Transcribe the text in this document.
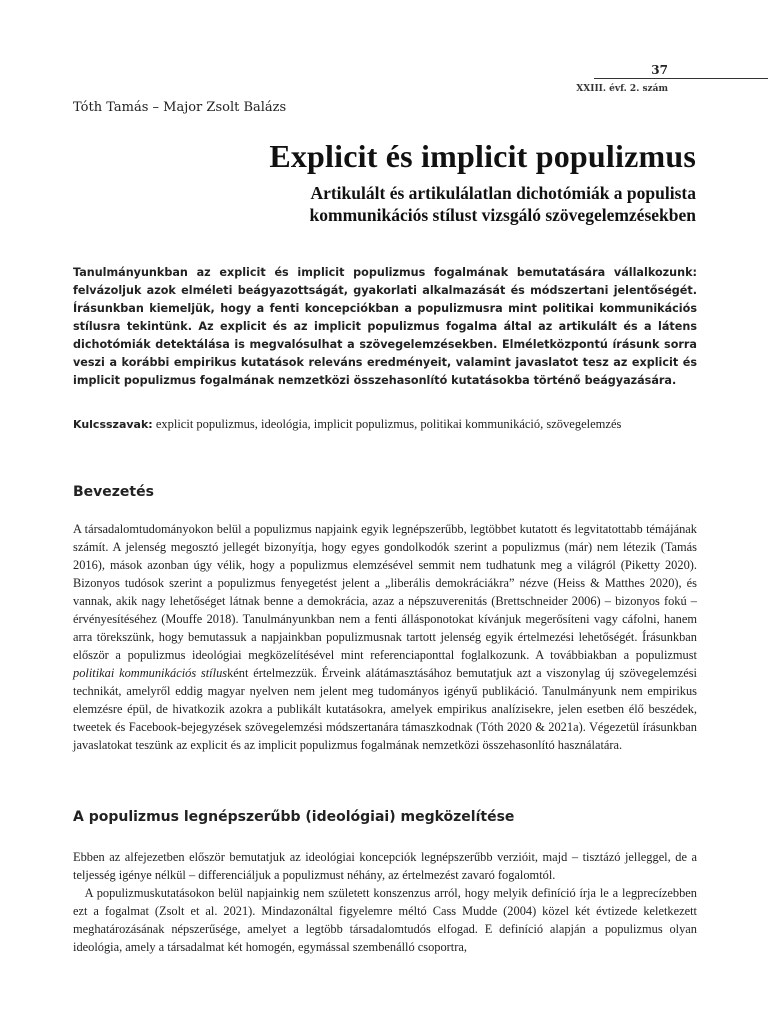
37
XXIII. évf. 2. szám
Tóth Tamás – Major Zsolt Balázs
Explicit és implicit populizmus
Artikulált és artikulálatlan dichotómiák a populista
kommunikációs stílust vizsgáló szövegelemzésekben

Tanulmányunkban az explicit és implicit populizmus fogalmának bemutatására vállalkozunk: felvázoljuk azok elméleti beágyazottságát, gyakorlati alkalmazását és módszertani jelentőségét. Írásunkban kiemeljük, hogy a fenti koncepciókban a populizmusra mint politikai kommunikációs stílusra tekintünk. Az explicit és az implicit populizmus fogalma által az artikulált és a látens dichotómiák detektálása is megvalósulhat a szövegelemzésekben. Elméletközpontú írásunk sorra veszi a korábbi empirikus kutatások releváns eredményeit, valamint javaslatot tesz az explicit és implicit populizmus fogalmának nemzetközi összehasonlító kutatásokba történő beágyazására.

Kulcsszavak: explicit populizmus, ideológia, implicit populizmus, politikai kommunikáció, szövegelemzés

Bevezetés

A társadalomtudományokon belül a populizmus napjaink egyik legnépszerűbb, legtöbbet kutatott és legvitatottabb témájának számít. A jelenség megosztó jellegét bizonyítja, hogy egyes gondolkodók szerint a populizmus (már) nem létezik (Tamás 2016), mások azonban úgy vélik, hogy a populizmus elemzésével semmit nem tudhatunk meg a világról (Piketty 2020). Bizonyos tudósok szerint a populizmus fenyegetést jelent a „liberális demokráciákra” nézve (Heiss & Matthes 2020), és vannak, akik nagy lehetőséget látnak benne a demokrácia, azaz a népszuverenitás (Brettschneider 2006) – bizonyos fokú – érvényesítéséhez (Mouffe 2018). Tanulmányunkban nem a fenti állásponotokat kívánjuk megerősíteni vagy cáfolni, hanem arra törekszünk, hogy bemutassuk a napjainkban populizmusnak tartott jelenség egyik értelmezési lehetőségét. Írásunkban először a populizmus ideológiai megközelítésével mint referenciaponttal foglalkozunk. A továbbiakban a populizmust politikai kommunikációs stílusként értelmezzük. Érveink alátámasztásához bemutatjuk azt a viszonylag új szövegelemzési technikát, amelyről eddig magyar nyelven nem jelent meg tudományos igényű publikáció. Tanulmányunk nem empirikus elemzésre épül, de hivatkozik azokra a publikált kutatásokra, amelyek empirikus analízisekre, jelen esetben élő beszédek, tweetek és Facebook-bejegyzések szövegelemzési módszertanára támaszkodnak (Tóth 2020 & 2021a). Végezetül írásunkban javaslatokat teszünk az explicit és az implicit populizmus fogalmának nemzetközi összehasonlító használatára.

A populizmus legnépszerűbb (ideológiai) megközelítése

Ebben az alfejezetben először bemutatjuk az ideológiai koncepciók legnépszerűbb verzióit, majd – tisztázó jelleggel, de a teljesség igénye nélkül – differenciáljuk a populizmust néhány, az értelmezést zavaró fogalomtól.

A populizmuskutatásokon belül napjainkig nem született konszenzus arról, hogy melyik definíció írja le a legprecízebben ezt a fogalmat (Zsolt et al. 2021). Mindazonáltal figyelemre méltó Cass Mudde (2004) közel két évtizede keletkezett meghatározásának népszerűsége, amelyet a legtöbb társadalomtudós elfogad. E definíció alapján a populizmus olyan ideológia, amely a társadalmat két homogén, egymással szembenálló csoportra,
